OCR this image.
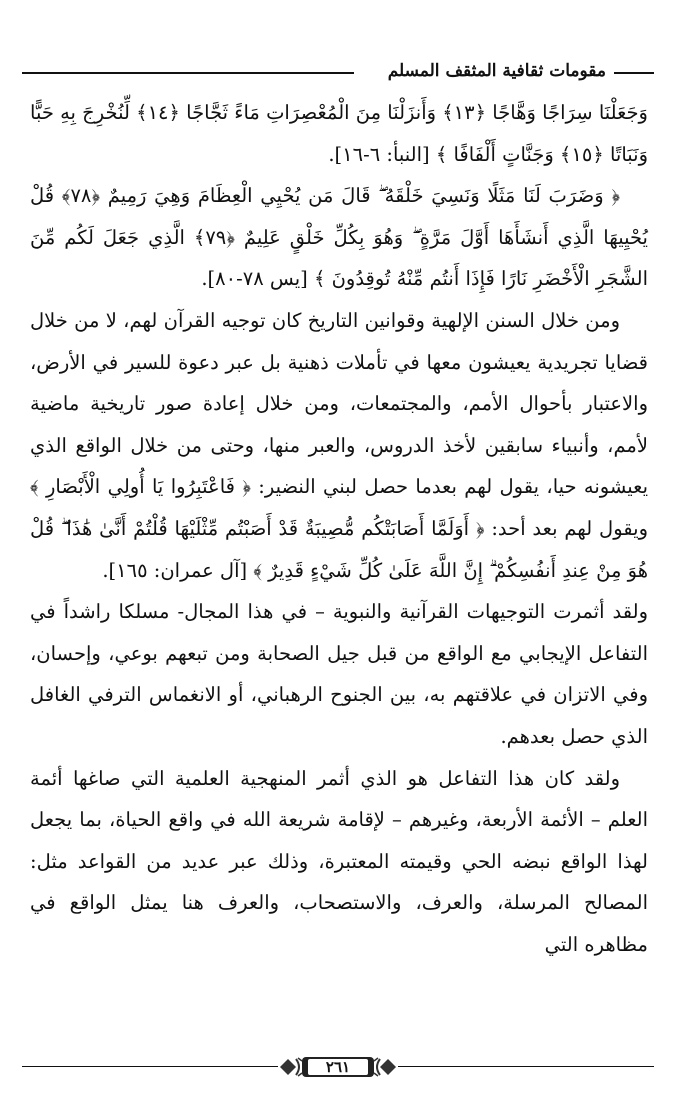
مقومات ثقافية المثقف المسلم

وَجَعَلْنَا سِرَاجًا وَهَّاجًا ﴿١٣﴾ وَأَنزَلْنَا مِنَ الْمُعْصِرَاتِ مَاءً ثَجَّاجًا ﴿١٤﴾ لِّنُخْرِجَ بِهِ حَبًّا وَنَبَاتًا ﴿١٥﴾ وَجَنَّاتٍ أَلْفَافًا ﴾ [النبأ: ٦-١٦].

﴿ وَضَرَبَ لَنَا مَثَلًا وَنَسِيَ خَلْقَهُ ۖ قَالَ مَن يُحْيِي الْعِظَامَ وَهِيَ رَمِيمٌ ﴿٧٨﴾ قُلْ يُحْيِيهَا الَّذِي أَنشَأَهَا أَوَّلَ مَرَّةٍ ۖ وَهُوَ بِكُلِّ خَلْقٍ عَلِيمٌ ﴿٧٩﴾ الَّذِي جَعَلَ لَكُم مِّنَ الشَّجَرِ الْأَخْضَرِ نَارًا فَإِذَا أَنتُم مِّنْهُ تُوقِدُونَ ﴾ [يس ٧٨-٨٠].

ومن خلال السنن الإلهية وقوانين التاريخ كان توجيه القرآن لهم، لا من خلال قضايا تجريدية يعيشون معها في تأملات ذهنية بل عبر دعوة للسير في الأرض، والاعتبار بأحوال الأمم، والمجتمعات، ومن خلال إعادة صور تاريخية ماضية لأمم، وأنبياء سابقين لأخذ الدروس، والعبر منها، وحتى من خلال الواقع الذي يعيشونه حيا، يقول لهم بعدما حصل لبني النضير: ﴿ فَاعْتَبِرُوا يَا أُولِي الْأَبْصَارِ ﴾ ويقول لهم بعد أحد: ﴿ أَوَلَمَّا أَصَابَتْكُم مُّصِيبَةٌ قَدْ أَصَبْتُم مِّثْلَيْهَا قُلْتُمْ أَنَّىٰ هَٰذَا ۖ قُلْ هُوَ مِنْ عِندِ أَنفُسِكُمْ ۗ إِنَّ اللَّهَ عَلَىٰ كُلِّ شَيْءٍ قَدِيرٌ ﴾ [آل عمران: ١٦٥].

ولقد أثمرت التوجيهات القرآنية والنبوية – في هذا المجال- مسلكا راشداً في التفاعل الإيجابي مع الواقع من قبل جيل الصحابة ومن تبعهم بوعي، وإحسان، وفي الاتزان في علاقتهم به، بين الجنوح الرهباني، أو الانغماس الترفي الغافل الذي حصل بعدهم.

ولقد كان هذا التفاعل هو الذي أثمر المنهجية العلمية التي صاغها أئمة العلم – الأئمة الأربعة، وغيرهم – لإقامة شريعة الله في واقع الحياة، بما يجعل لهذا الواقع نبضه الحي وقيمته المعتبرة، وذلك عبر عديد من القواعد مثل: المصالح المرسلة، والعرف، والاستصحاب، والعرف هنا يمثل الواقع في مظاهره التي

٢٦١
